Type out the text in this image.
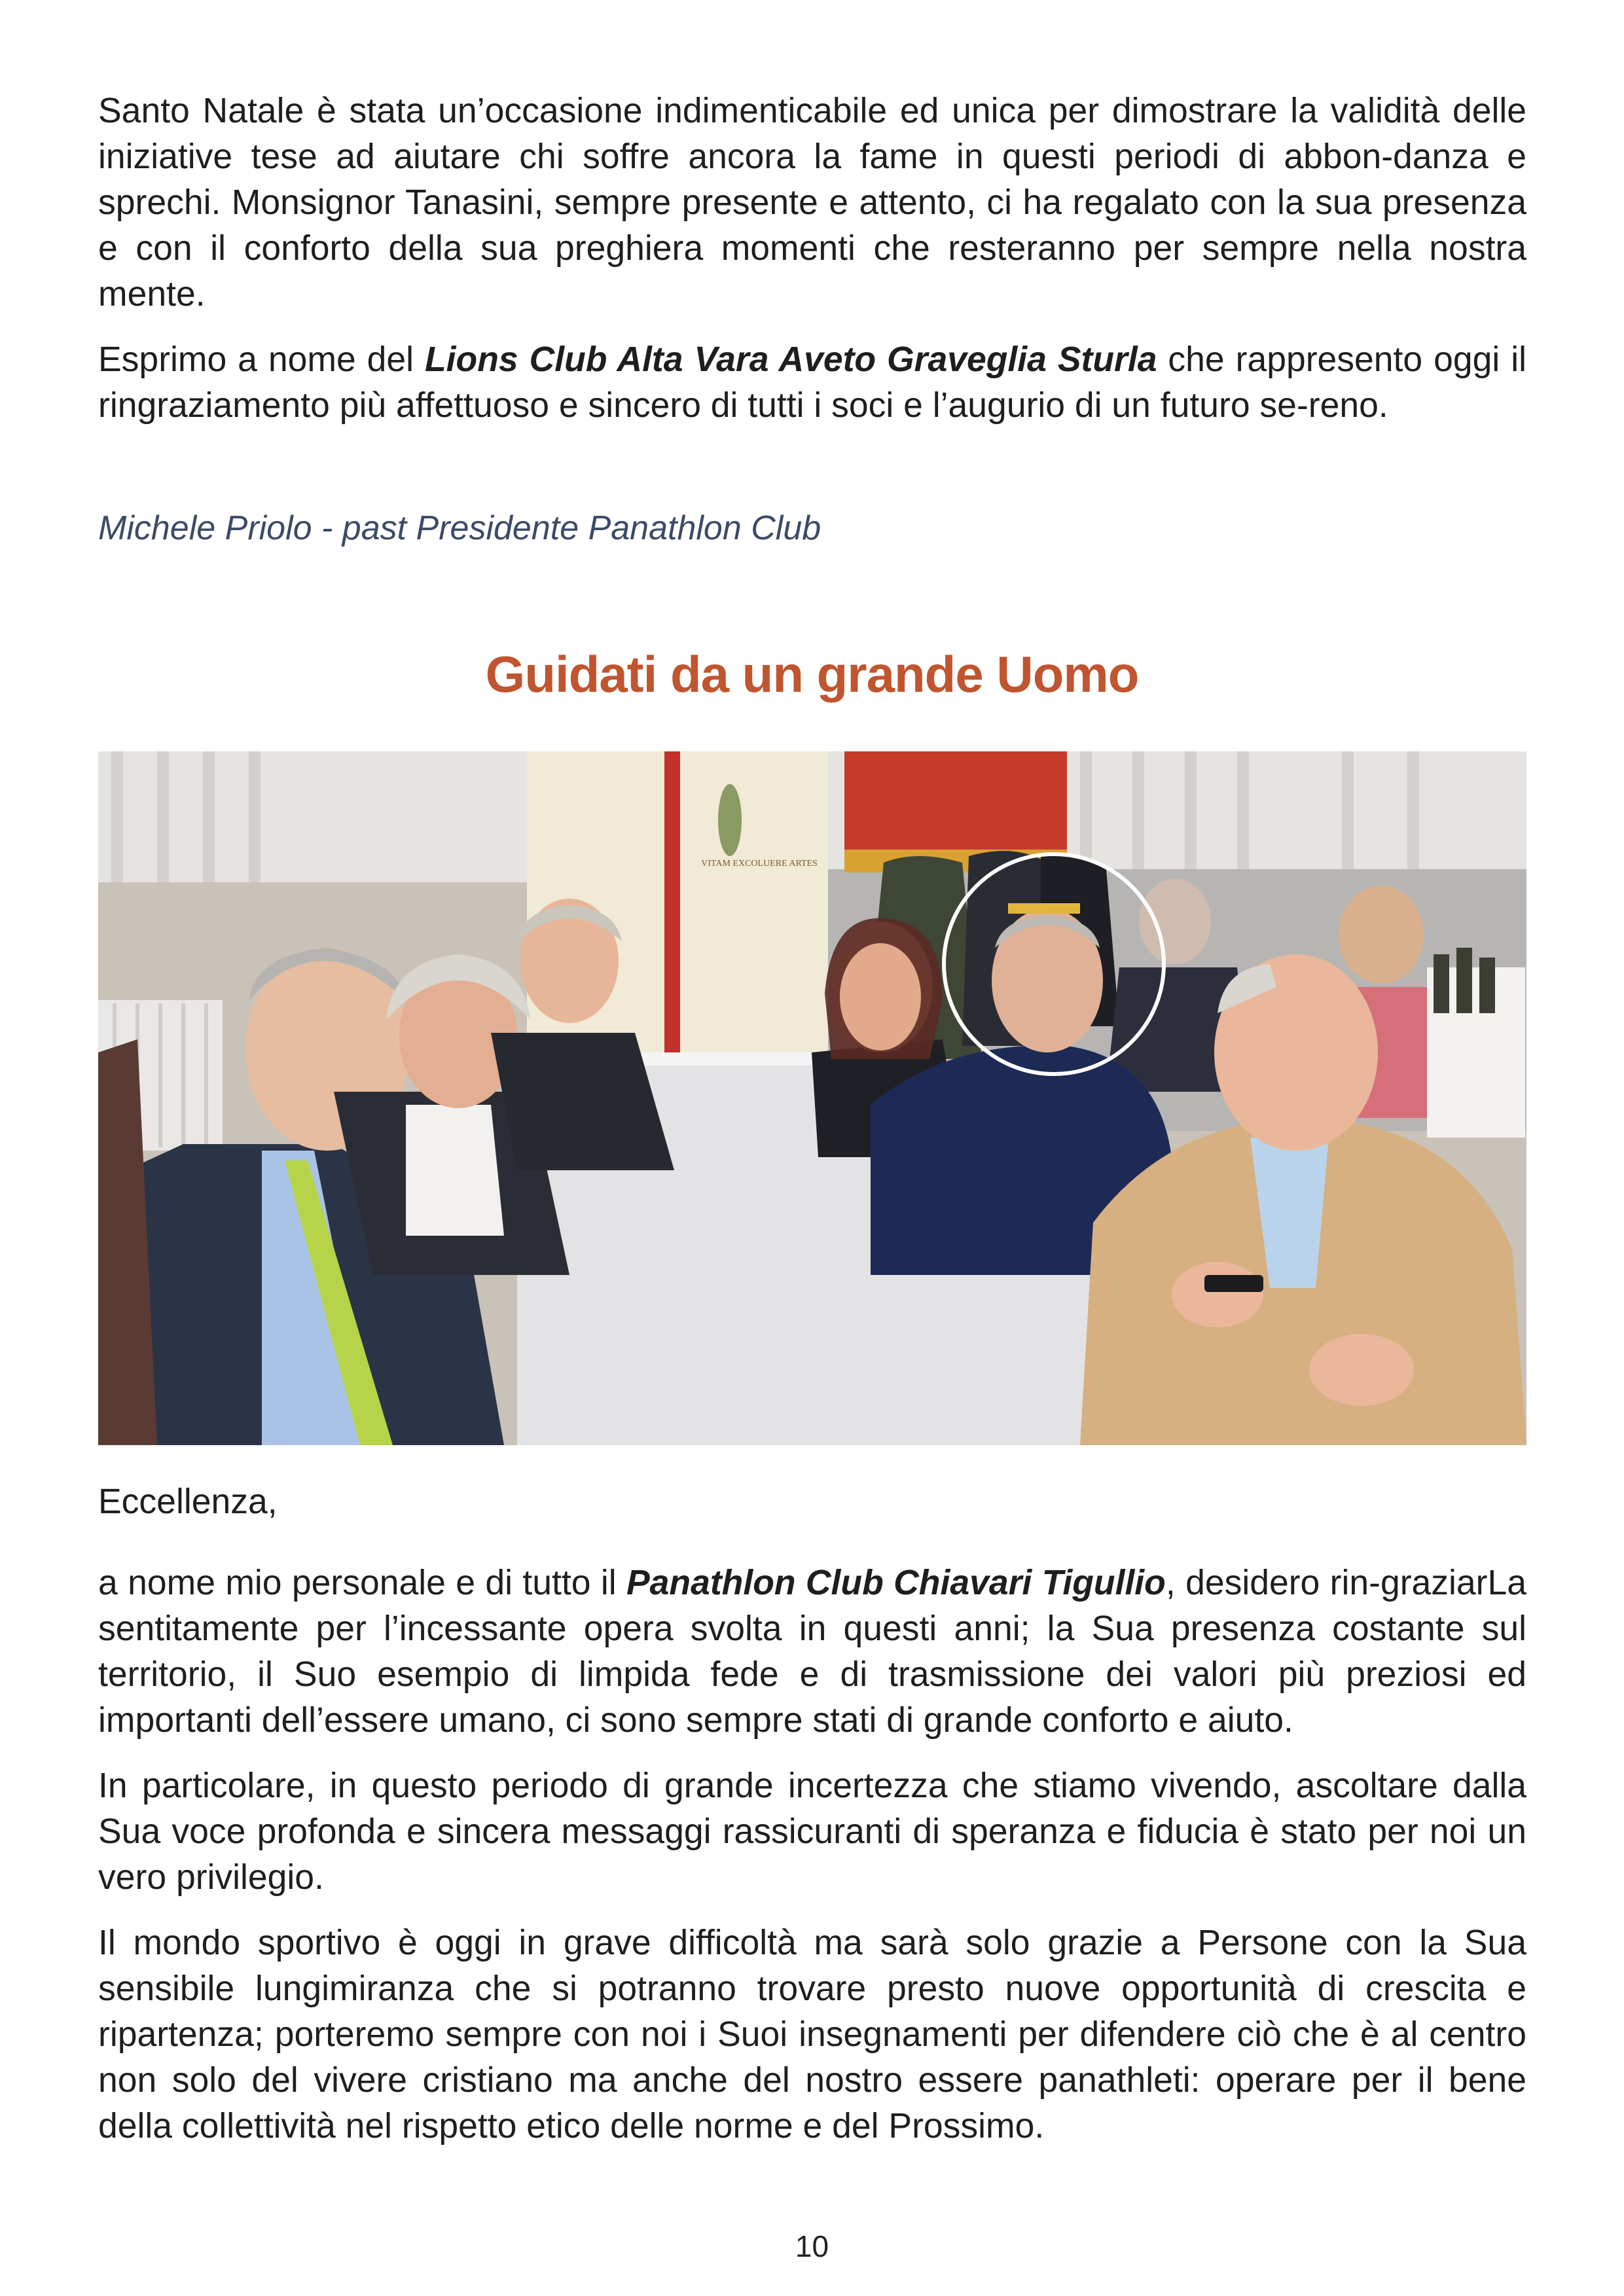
Santo Natale è stata un’occasione indimenticabile ed unica per dimostrare la validità delle iniziative tese ad aiutare chi soffre ancora la fame in questi periodi di abbon-danza e sprechi. Monsignor Tanasini, sempre presente e attento, ci ha regalato con la sua presenza e con il conforto della sua preghiera momenti che resteranno per sempre nella nostra mente.

Esprimo a nome del Lions Club Alta Vara Aveto Graveglia Sturla che rappresento oggi il ringraziamento più affettuoso e sincero di tutti i soci e l’augurio di un futuro se-reno.

Michele Priolo - past Presidente Panathlon Club
Guidati da un grande Uomo
VITAM EXCOLUERE ARTES

Eccellenza,

a nome mio personale e di tutto il Panathlon Club Chiavari Tigullio, desidero rin-graziarLa sentitamente per l’incessante opera svolta in questi anni; la Sua presenza costante sul territorio, il Suo esempio di limpida fede e di trasmissione dei valori più preziosi ed importanti dell’essere umano, ci sono sempre stati di grande conforto e aiuto.

In particolare, in questo periodo di grande incertezza che stiamo vivendo, ascoltare dalla Sua voce profonda e sincera messaggi rassicuranti di speranza e fiducia è stato per noi un vero privilegio.

Il mondo sportivo è oggi in grave difficoltà ma sarà solo grazie a Persone con la Sua sensibile lungimiranza che si potranno trovare presto nuove opportunità di crescita e ripartenza; porteremo sempre con noi i Suoi insegnamenti per difendere ciò che è al centro non solo del vivere cristiano ma anche del nostro essere panathleti: operare per il bene della collettività nel rispetto etico delle norme e del Prossimo.

10
